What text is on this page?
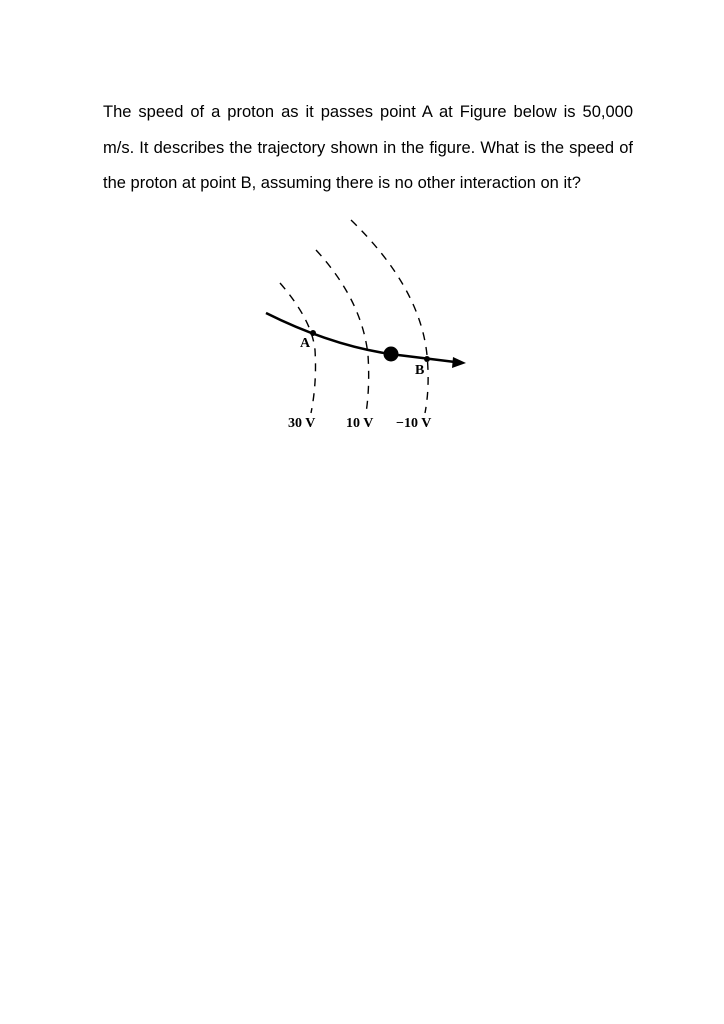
The speed of a proton as it passes point A at Figure below is 50,000 m/s. It describes the trajectory shown in the figure. What is the speed of the proton at point B, assuming there is no other interaction on it?

A
B
30 V 10 V −10 V
